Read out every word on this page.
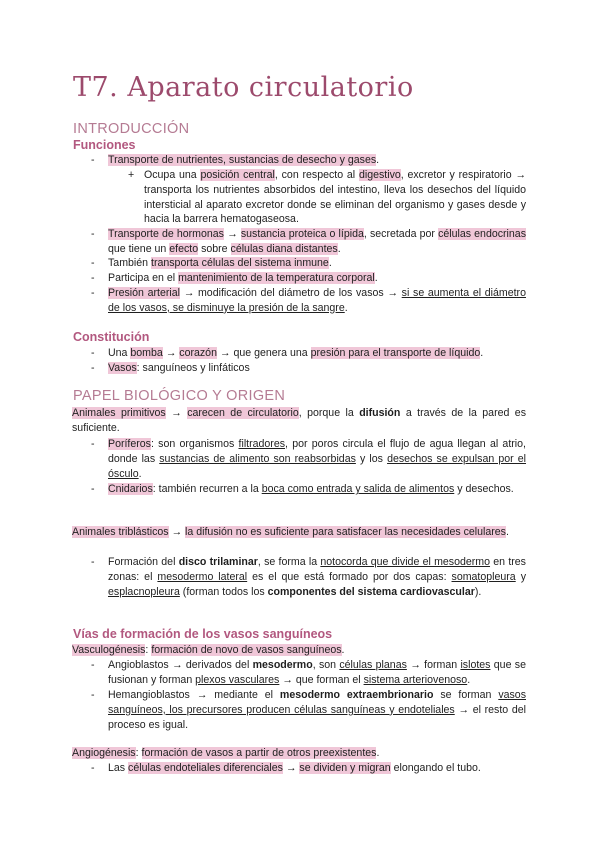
T7. Aparato circulatorio
INTRODUCCIÓN
Funciones
- Transporte de nutrientes, sustancias de desecho y gases.

+ Ocupa una posición central, con respecto al digestivo, excretor y respiratorio → transporta los nutrientes absorbidos del intestino, lleva los desechos del líquido intersticial al aparato excretor donde se eliminan del organismo y gases desde y hacia la barrera hematogaseosa.

- Transporte de hormonas → sustancia proteica o lípida, secretada por células endocrinas que tiene un efecto sobre células diana distantes.

- También transporta células del sistema inmune.

- Participa en el mantenimiento de la temperatura corporal.

- Presión arterial → modificación del diámetro de los vasos → si se aumenta el diámetro de los vasos, se disminuye la presión de la sangre.

Constitución
- Una bomba → corazón → que genera una presión para el transporte de líquido.

- Vasos: sanguíneos y linfáticos

PAPEL BIOLÓGICO Y ORIGEN

Animales primitivos → carecen de circulatorio, porque la difusión a través de la pared es suficiente.

- Poríferos: son organismos filtradores, por poros circula el flujo de agua llegan al atrio, donde las sustancias de alimento son reabsorbidas y los desechos se expulsan por el ósculo.

- Cnidarios: también recurren a la boca como entrada y salida de alimentos y desechos.

Animales triblásticos → la difusión no es suficiente para satisfacer las necesidades celulares.

- Formación del disco trilaminar, se forma la notocorda que divide el mesodermo en tres zonas: el mesodermo lateral es el que está formado por dos capas: somatopleura y esplacnopleura (forman todos los componentes del sistema cardiovascular).

Vías de formación de los vasos sanguíneos

Vasculogénesis: formación de novo de vasos sanguíneos.

- Angioblastos → derivados del mesodermo, son células planas → forman islotes que se fusionan y forman plexos vasculares → que forman el sistema arteriovenoso.

- Hemangioblastos → mediante el mesodermo extraembrionario se forman vasos sanguíneos, los precursores producen células sanguíneas y endoteliales → el resto del proceso es igual.

Angiogénesis: formación de vasos a partir de otros preexistentes.

- Las células endoteliales diferenciales → se dividen y migran elongando el tubo.
